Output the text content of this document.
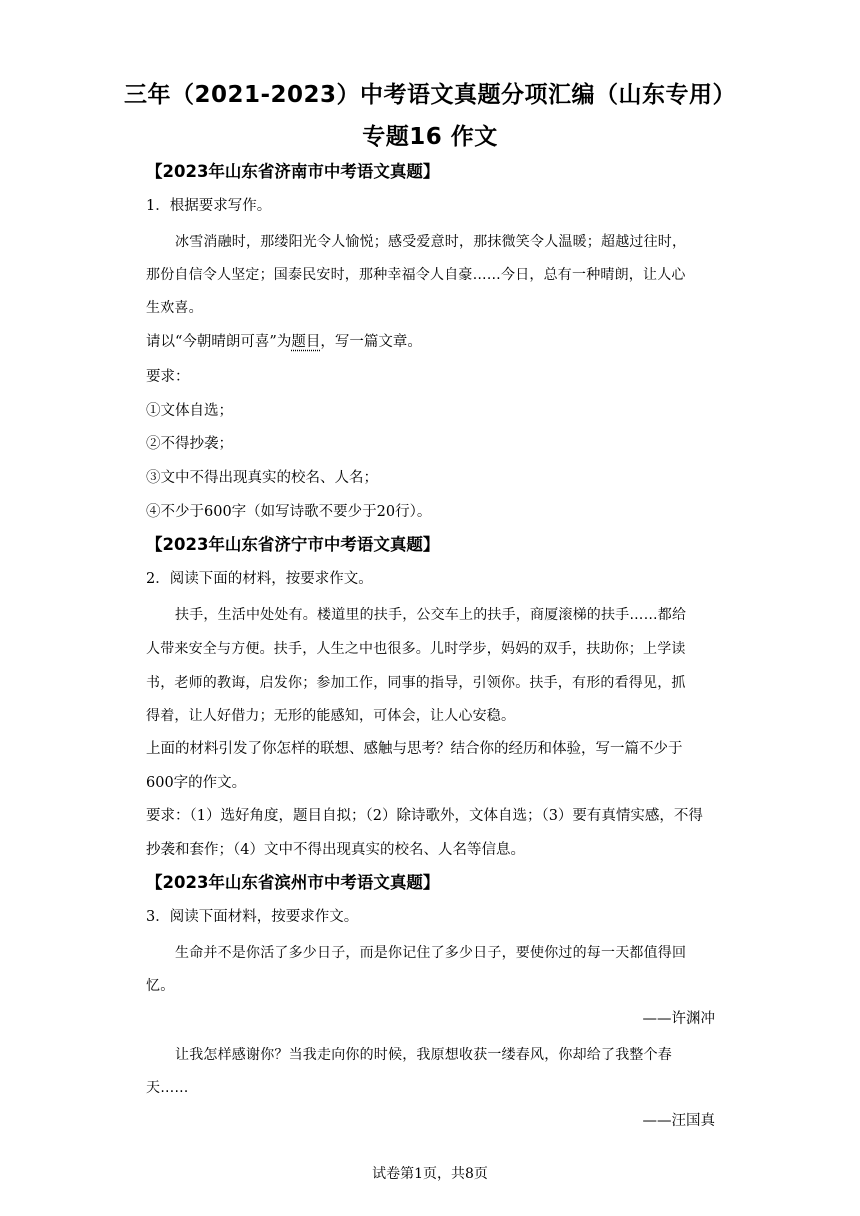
三年（2021-2023）中考语文真题分项汇编（山东专用）
专题16 作文
【2023年山东省济南市中考语文真题】
1．根据要求写作。
冰雪消融时，那缕阳光令人愉悦；感受爱意时，那抹微笑令人温暖；超越过往时，
那份自信令人坚定；国泰民安时，那种幸福令人自豪……今日，总有一种晴朗，让人心
生欢喜。
请以“今朝晴朗可喜”为题目，写一篇文章。
要求：
①文体自选；
②不得抄袭；
③文中不得出现真实的校名、人名；
④不少于600字（如写诗歌不要少于20行）。
【2023年山东省济宁市中考语文真题】
2．阅读下面的材料，按要求作文。
扶手，生活中处处有。楼道里的扶手，公交车上的扶手，商厦滚梯的扶手……都给
人带来安全与方便。扶手，人生之中也很多。儿时学步，妈妈的双手，扶助你；上学读
书，老师的教诲，启发你；参加工作，同事的指导，引领你。扶手，有形的看得见，抓
得着，让人好借力；无形的能感知，可体会，让人心安稳。
上面的材料引发了你怎样的联想、感触与思考？结合你的经历和体验，写一篇不少于
600字的作文。
要求：（1）选好角度，题目自拟；（2）除诗歌外，文体自选；（3）要有真情实感，不得
抄袭和套作；（4）文中不得出现真实的校名、人名等信息。
【2023年山东省滨州市中考语文真题】
3．阅读下面材料，按要求作文。
生命并不是你活了多少日子，而是你记住了多少日子，要使你过的每一天都值得回
忆。
——许渊冲
让我怎样感谢你？当我走向你的时候，我原想收获一缕春风，你却给了我整个春
天……
——汪国真
试卷第1页，共8页
